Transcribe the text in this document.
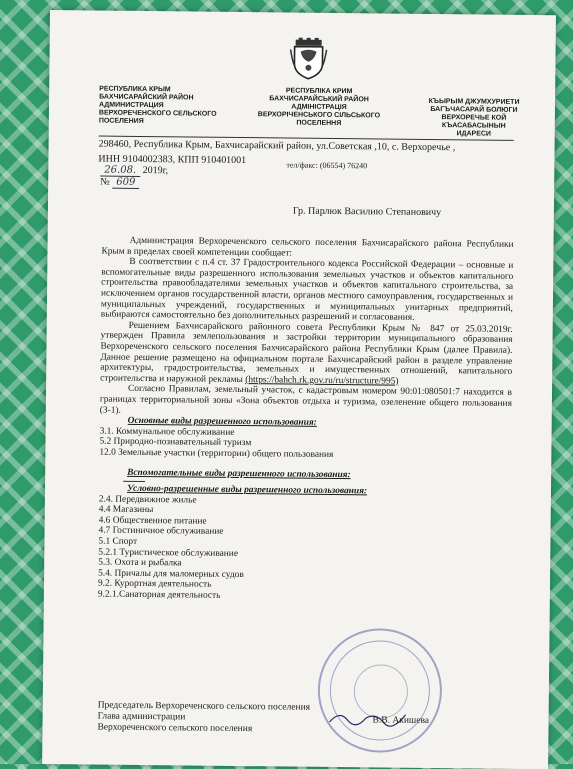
РЕСПУБЛИКА КРЫМ
БАХЧИСАРАЙСКИЙ РАЙОН
АДМИНИСТРАЦИЯ
ВЕРХОРЕЧЕНСКОГО СЕЛЬСКОГО
ПОСЕЛЕНИЯ
РЕСПУБЛІКА КРИМ
БАХЧИСАРАЙСЬКИЙ РАЙОН
АДМІНІСТРАЦІЯ
ВЕРХОРІЧЕНСЬКОГО СІЛЬСЬКОГО
ПОСЕЛЕННЯ
КЪЫРЫМ ДЖУМХУРИЕТИ
БАГЪЧАСАРАЙ БОЛЮГИ
ВЕРХОРЕЧЬЕ КОЙ
КЪАСАБАСЫНЫН
ИДАРЕСИ
298460, Республика Крым, Бахчисарайский район, ул.Советская ,10, с. Верхоречье ,
ИНН 9104002383, КПП 910401001	тел/факс: (06554) 76240
26.08. 2019г,
№ 609
Гр. Парлюк Василию Степановичу

Администрация Верхореченского сельского поселения Бахчисарайского района Республики Крым в пределах своей компетенции сообщает:

В соответствии с п.4 ст. 37 Градостроительного кодекса Российской Федерации – основные и вспомогательные виды разрешенного использования земельных участков и объектов капитального строительства правообладателями земельных участков и объектов капитального строительства, за исключением органов государственной власти, органов местного самоуправления, государственных и муниципальных учреждений, государственных и муниципальных унитарных предприятий, выбираются самостоятельно без дополнительных разрешений и согласования.

Решением Бахчисарайского районного совета Республики Крым № 847 от 25.03.2019г. утвержден Правила землепользования и застройки территории муниципального образования Верхореченского сельского поселения Бахчисарайского района Республики Крым (далее Правила). Данное решение размещено на официальном портале Бахчисарайский район в разделе управление архитектуры, градостроительства, земельных и имущественных отношений, капитального строительства и наружной рекламы (https://bahch.rk.gov.ru/ru/structure/995)

Согласно Правилам, земельный участок, с кадастровым номером 90:01:080501:7 находится в границах территориальной зоны «Зона объектов отдыха и туризма, озеленение общего пользования (З-1).

Основные виды разрешенного использования:

3.1. Коммунальное обслуживание
5.2 Природно-познавательный туризм
12.0 Земельные участки (территории) общего пользования

Вспомогательные виды разрешенного использования:

Условно-разрешенные виды разрешенного использования:

2.4. Передвижное жилье
4.4 Магазины
4.6 Общественное питание
4.7 Гостиничное обслуживание
5.1 Спорт
5.2.1 Туристическое обслуживание
5.3. Охота и рыбалка
5.4. Причалы для маломерных судов
9.2. Курортная деятельность
9.2.1.Санаторная деятельность
Председатель Верхореченского сельского поселения
Глава администрации
Верхореченского сельского поселения
В.В. Акишева
